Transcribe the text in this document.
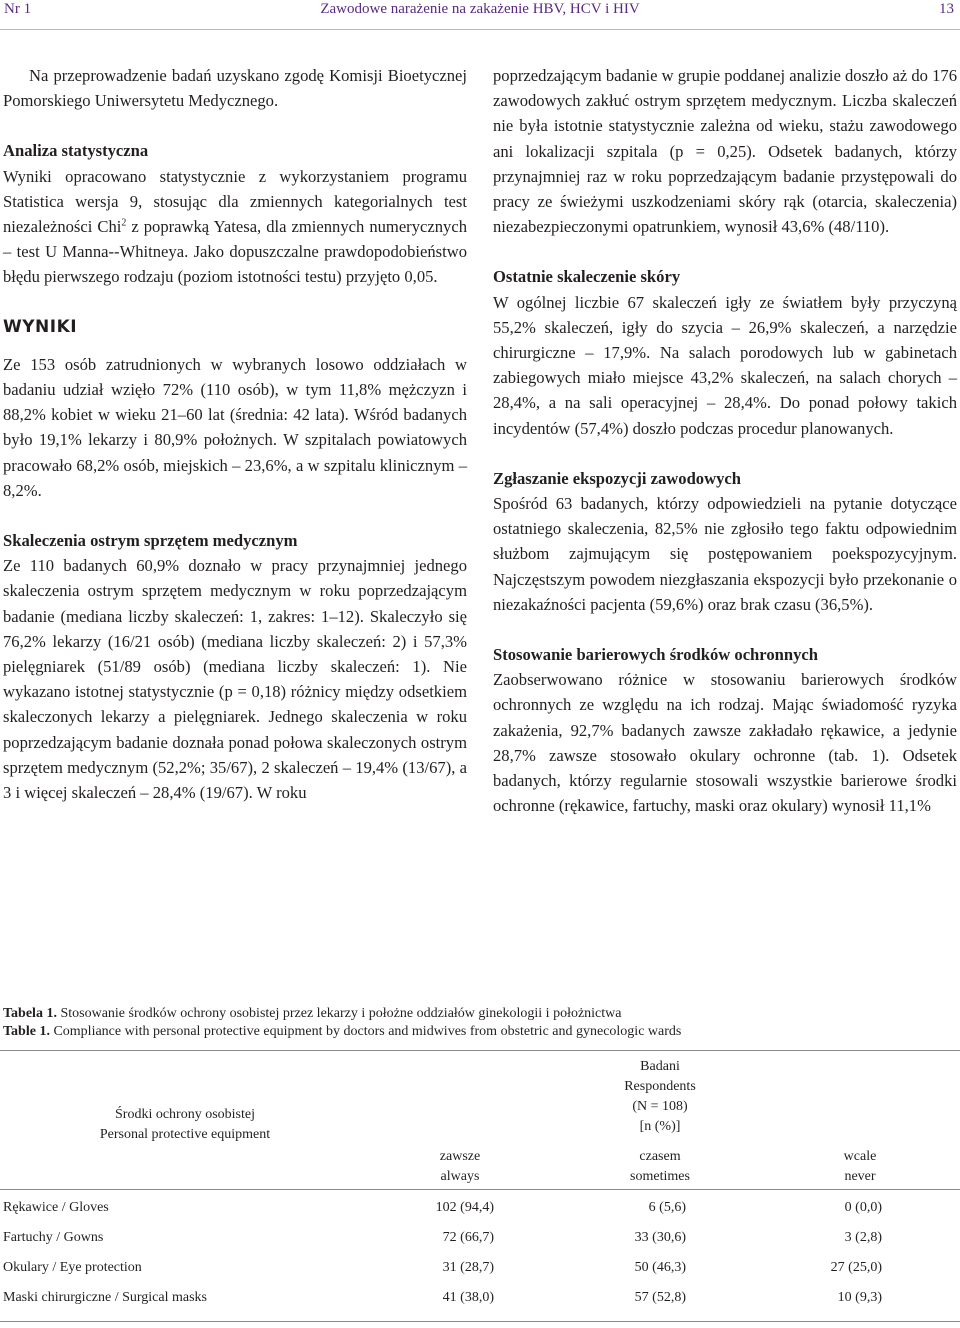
Nr 1	Zawodowe narażenie na zakażenie HBV, HCV i HIV	13

Na przeprowadzenie badań uzyskano zgodę Komisji Bioetycznej Pomorskiego Uniwersytetu Medycznego.

Analiza statystyczna

Wyniki opracowano statystycznie z wykorzystaniem programu Statistica wersja 9, stosując dla zmiennych kategorialnych test niezależności Chi$^2$ z poprawką Yatesa, dla zmiennych numerycznych – test U Manna--Whitneya. Jako dopuszczalne prawdopodobieństwo błędu pierwszego rodzaju (poziom istotności testu) przyjęto 0,05.

WYNIKI

Ze 153 osób zatrudnionych w wybranych losowo oddziałach w badaniu udział wzięło 72% (110 osób), w tym 11,8% mężczyzn i 88,2% kobiet w wieku 21–60 lat (średnia: 42 lata). Wśród badanych było 19,1% lekarzy i 80,9% położnych. W szpitalach powiatowych pracowało 68,2% osób, miejskich – 23,6%, a w szpitalu klinicznym – 8,2%.

Skaleczenia ostrym sprzętem medycznym

Ze 110 badanych 60,9% doznało w pracy przynajmniej jednego skaleczenia ostrym sprzętem medycznym w roku poprzedzającym badanie (mediana liczby skaleczeń: 1, zakres: 1–12). Skaleczyło się 76,2% lekarzy (16/21 osób) (mediana liczby skaleczeń: 2) i 57,3% pielęgniarek (51/89 osób) (mediana liczby skaleczeń: 1). Nie wykazano istotnej statystycznie (p = 0,18) różnicy między odsetkiem skaleczonych lekarzy a pielęgniarek. Jednego skaleczenia w roku poprzedzającym badanie doznała ponad połowa skaleczonych ostrym sprzętem medycznym (52,2%; 35/67), 2 skaleczeń – 19,4% (13/67), a 3 i więcej skaleczeń – 28,4% (19/67). W roku

poprzedzającym badanie w grupie poddanej analizie doszło aż do 176 zawodowych zakłuć ostrym sprzętem medycznym. Liczba skaleczeń nie była istotnie statystycznie zależna od wieku, stażu zawodowego ani lokalizacji szpitala (p = 0,25). Odsetek badanych, którzy przynajmniej raz w roku poprzedzającym badanie przystępowali do pracy ze świeżymi uszkodzeniami skóry rąk (otarcia, skaleczenia) niezabezpieczonymi opatrunkiem, wynosił 43,6% (48/110).

Ostatnie skaleczenie skóry

W ogólnej liczbie 67 skaleczeń igły ze światłem były przyczyną 55,2% skaleczeń, igły do szycia – 26,9% skaleczeń, a narzędzie chirurgiczne – 17,9%. Na salach porodowych lub w gabinetach zabiegowych miało miejsce 43,2% skaleczeń, na salach chorych – 28,4%, a na sali operacyjnej – 28,4%. Do ponad połowy takich incydentów (57,4%) doszło podczas procedur planowanych.

Zgłaszanie ekspozycji zawodowych

Spośród 63 badanych, którzy odpowiedzieli na pytanie dotyczące ostatniego skaleczenia, 82,5% nie zgłosiło tego faktu odpowiednim służbom zajmującym się postępowaniem poekspozycyjnym. Najczęstszym powodem niezgłaszania ekspozycji było przekonanie o niezakaźności pacjenta (59,6%) oraz brak czasu (36,5%).

Stosowanie barierowych środków ochronnych

Zaobserwowano różnice w stosowaniu barierowych środków ochronnych ze względu na ich rodzaj. Mając świadomość ryzyka zakażenia, 92,7% badanych zawsze zakładało rękawice, a jedynie 28,7% zawsze stosowało okulary ochronne (tab. 1). Odsetek badanych, którzy regularnie stosowali wszystkie barierowe środki ochronne (rękawice, fartuchy, maski oraz okulary) wynosił 11,1%

Tabela 1. Stosowanie środków ochrony osobistej przez lekarzy i położne oddziałów ginekologii i położnictwa
Table 1. Compliance with personal protective equipment by doctors and midwives from obstetric and gynecologic wards
Środki ochrony osobistej
Personal protective equipment
Badani
Respondents
(N = 108)
[n (%)]
zawsze
always
czasem
sometimes
wcale
never
Rękawice / Gloves	102 (94,4)	6 (5,6)	0 (0,0)
Fartuchy / Gowns	72 (66,7)	33 (30,6)	3 (2,8)
Okulary / Eye protection	31 (28,7)	50 (46,3)	27 (25,0)
Maski chirurgiczne / Surgical masks	41 (38,0)	57 (52,8)	10 (9,3)
